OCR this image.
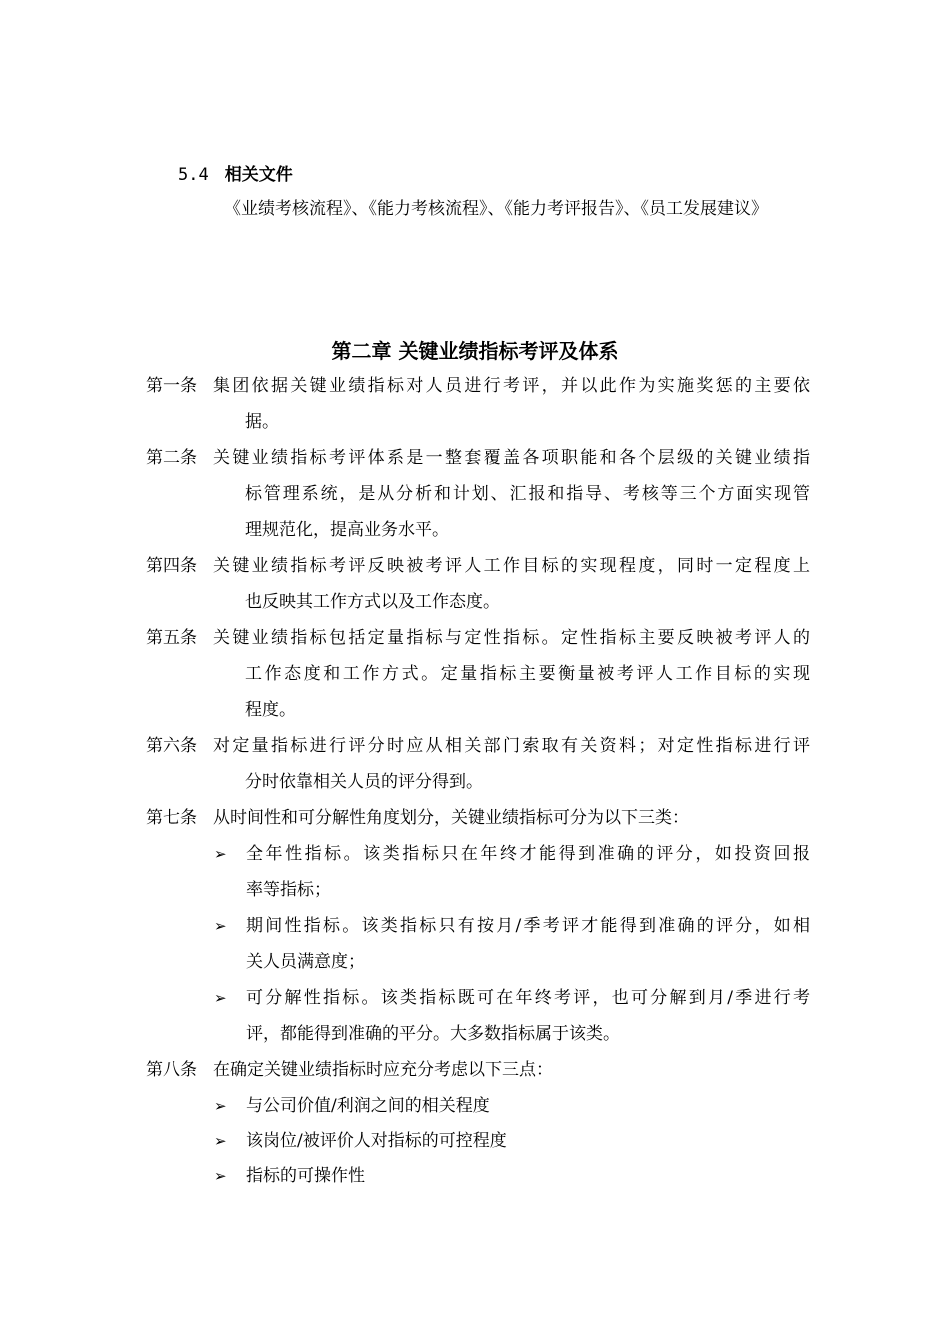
5.4 相关文件
《业绩考核流程》、《能力考核流程》、《能力考评报告》、《员工发展建议》
第二章 关键业绩指标考评及体系
第一条 集团依据关键业绩指标对人员进行考评，并以此作为实施奖惩的主要依
据。
第二条 关键业绩指标考评体系是一整套覆盖各项职能和各个层级的关键业绩指
标管理系统，是从分析和计划、汇报和指导、考核等三个方面实现管
理规范化，提高业务水平。
第四条 关键业绩指标考评反映被考评人工作目标的实现程度，同时一定程度上
也反映其工作方式以及工作态度。
第五条 关键业绩指标包括定量指标与定性指标。定性指标主要反映被考评人的
工作态度和工作方式。定量指标主要衡量被考评人工作目标的实现
程度。
第六条 对定量指标进行评分时应从相关部门索取有关资料；对定性指标进行评
分时依靠相关人员的评分得到。
第七条 从时间性和可分解性角度划分，关键业绩指标可分为以下三类：
➢ 全年性指标。该类指标只在年终才能得到准确的评分，如投资回报
率等指标；
➢ 期间性指标。该类指标只有按月/季考评才能得到准确的评分，如相
关人员满意度；
➢ 可分解性指标。该类指标既可在年终考评，也可分解到月/季进行考
评，都能得到准确的平分。大多数指标属于该类。
第八条 在确定关键业绩指标时应充分考虑以下三点：
➢ 与公司价值/利润之间的相关程度
➢ 该岗位/被评价人对指标的可控程度
➢ 指标的可操作性
